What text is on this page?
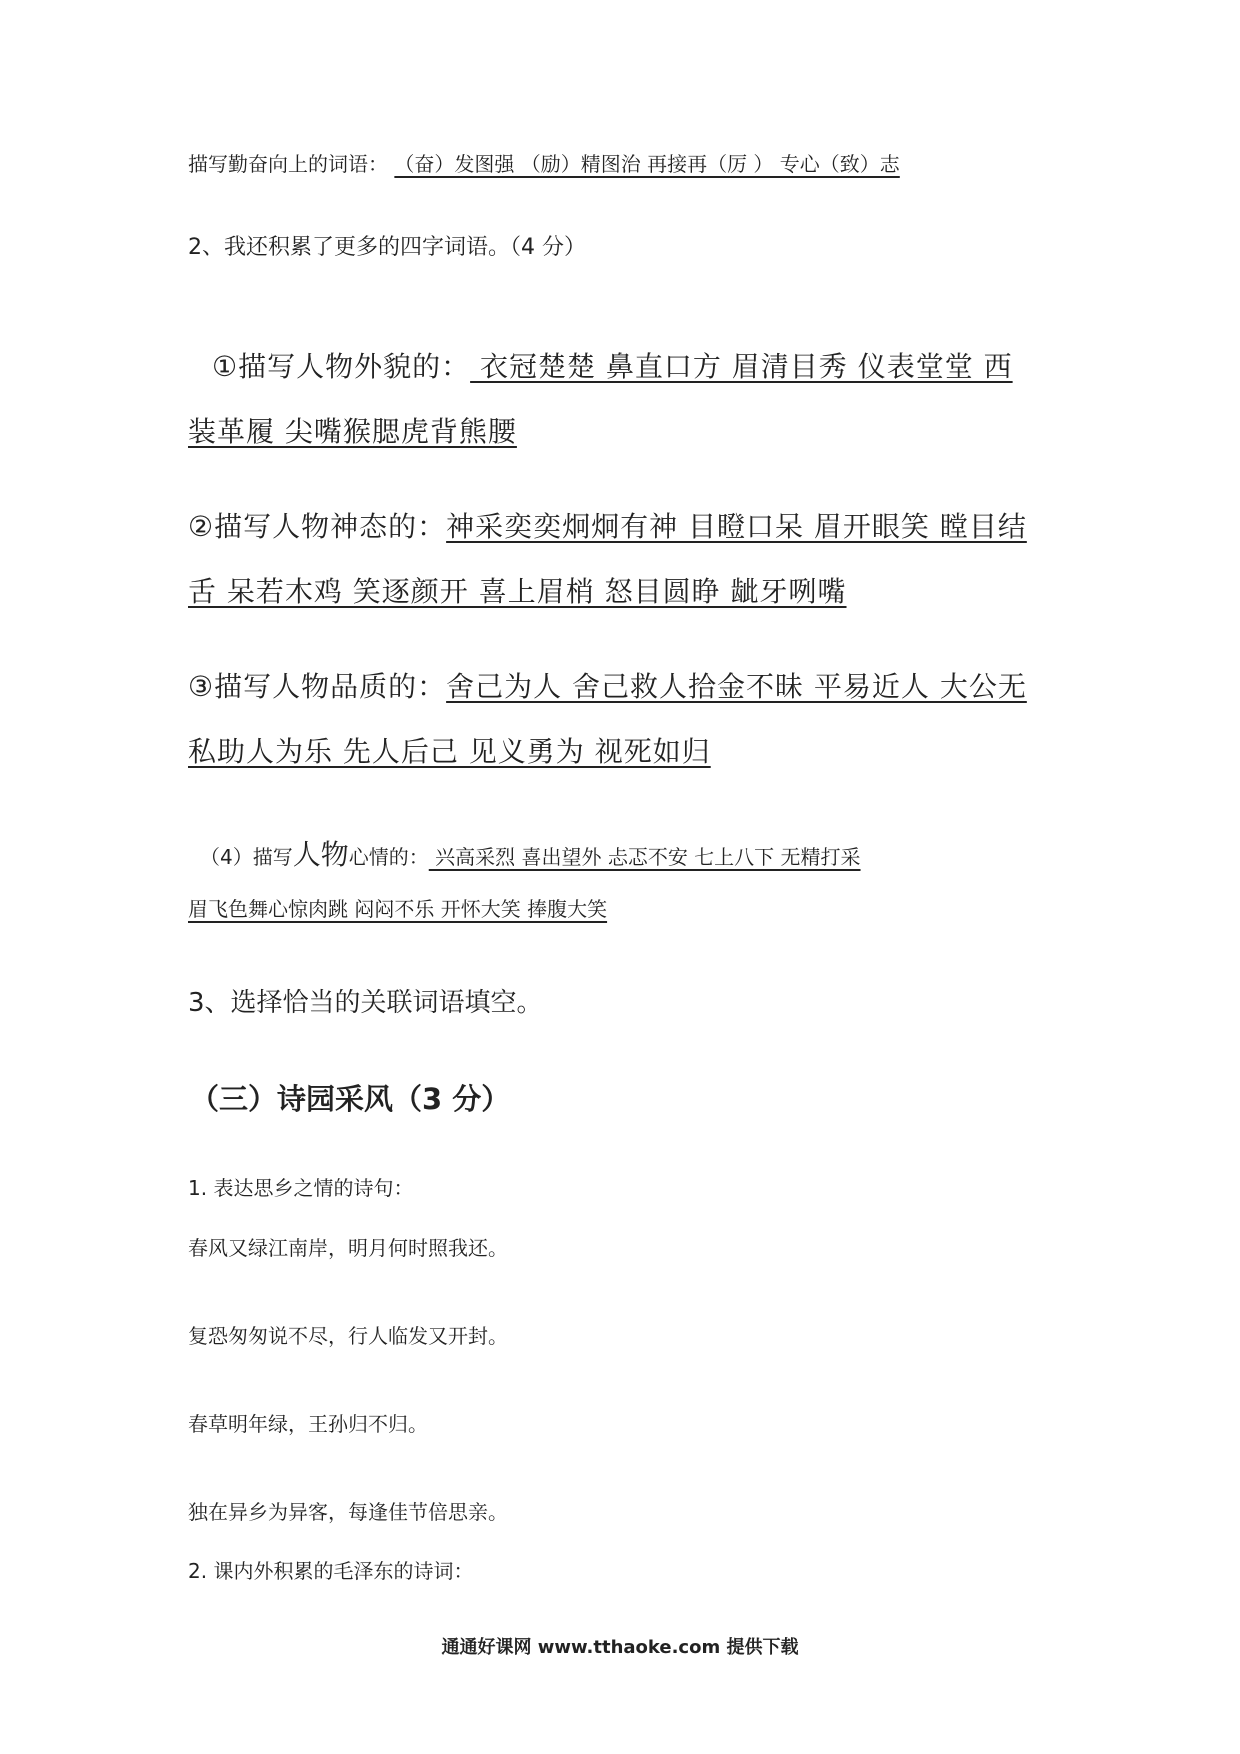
描写勤奋向上的词语： （奋）发图强 （励）精图治 再接再（厉 ） 专心（致）志
2、我还积累了更多的四字词语。（4 分）
①描写人物外貌的： 衣冠楚楚 鼻直口方 眉清目秀 仪表堂堂 西
装革履 尖嘴猴腮虎背熊腰
②描写人物神态的：神采奕奕炯炯有神 目瞪口呆 眉开眼笑 瞠目结
舌 呆若木鸡 笑逐颜开 喜上眉梢 怒目圆睁 龇牙咧嘴
③描写人物品质的：舍己为人 舍己救人拾金不昧 平易近人 大公无
私助人为乐 先人后己 见义勇为 视死如归
（4）描写人物心情的： 兴高采烈 喜出望外 忐忑不安 七上八下 无精打采
眉飞色舞心惊肉跳 闷闷不乐 开怀大笑 捧腹大笑
3、选择恰当的关联词语填空。
（三）诗园采风（3 分）
1. 表达思乡之情的诗句：
春风又绿江南岸，明月何时照我还。
复恐匆匆说不尽，行人临发又开封。
春草明年绿，王孙归不归。
独在异乡为异客，每逢佳节倍思亲。
2. 课内外积累的毛泽东的诗词：
通通好课网 www.tthaoke.com 提供下载
